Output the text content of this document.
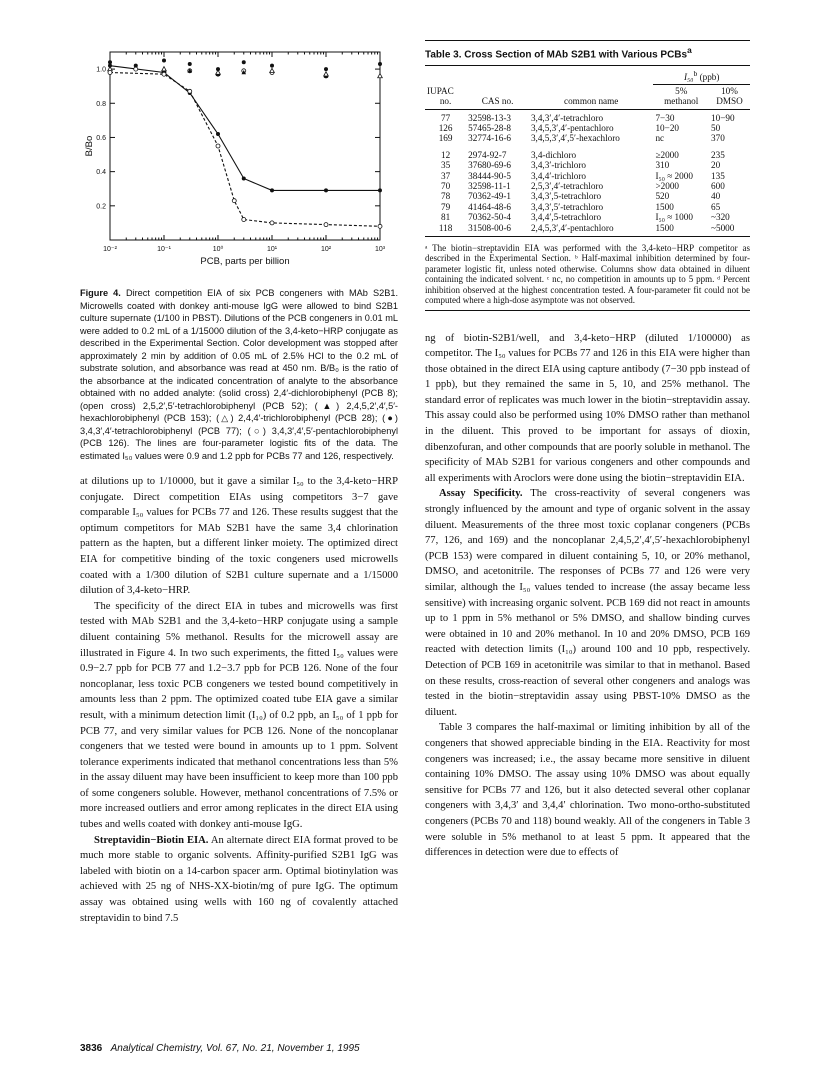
10⁻²	10⁻¹	10⁰	10¹	10²	10³
0.2
0.4
0.6
0.8
1.0
PCB, parts per billion
B/Bo
Figure 4. Direct competition EIA of six PCB congeners with MAb S2B1. Microwells coated with donkey anti-mouse IgG were allowed to bind S2B1 culture supernate (1/100 in PBST). Dilutions of the PCB congeners in 0.01 mL were added to 0.2 mL of a 1/15000 dilution of the 3,4-keto−HRP conjugate as described in the Experimental Section. Color development was stopped after approximately 2 min by addition of 0.05 mL of 2.5% HCl to the 0.2 mL of substrate solution, and absorbance was read at 450 nm. B/B₀ is the ratio of the absorbance at the indicated concentration of analyte to the absorbance obtained with no added analyte: (solid cross) 2,4′-dichlorobiphenyl (PCB 8); (open cross) 2,5,2′,5′-tetrachlorobiphenyl (PCB 52); (▲) 2,4,5,2′,4′,5′-hexachlorobiphenyl (PCB 153); (△) 2,4,4′-trichlorobiphenyl (PCB 28); (●) 3,4,3′,4′-tetrachlorobiphenyl (PCB 77); (○) 3,4,3′,4′,5′-pentachlorobiphenyl (PCB 126). The lines are four-parameter logistic fits of the data. The estimated I₅₀ values were 0.9 and 1.2 ppb for PCBs 77 and 126, respectively.

at dilutions up to 1/10000, but it gave a similar I₅₀ to the 3,4-keto−HRP conjugate. Direct competition EIAs using competitors 3−7 gave comparable I₅₀ values for PCBs 77 and 126. These results suggest that the optimum competitors for MAb S2B1 have the same 3,4 chlorination pattern as the hapten, but a different linker moiety. The optimized direct EIA for competitive binding of the toxic congeners used microwells coated with a 1/300 dilution of S2B1 culture supernate and a 1/15000 dilution of 3,4-keto−HRP.

The specificity of the direct EIA in tubes and microwells was first tested with MAb S2B1 and the 3,4-keto−HRP conjugate using a sample diluent containing 5% methanol. Results for the microwell assay are illustrated in Figure 4. In two such experiments, the fitted I₅₀ values were 0.9−2.7 ppb for PCB 77 and 1.2−3.7 ppb for PCB 126. None of the four noncoplanar, less toxic PCB congeners we tested bound competitively in amounts less than 2 ppm. The optimized coated tube EIA gave a similar result, with a minimum detection limit (I₁₀) of 0.2 ppb, an I₅₀ of 1 ppb for PCB 77, and very similar values for PCB 126. None of the noncoplanar congeners that we tested were bound in amounts up to 1 ppm. Solvent tolerance experiments indicated that methanol concentrations less than 5% in the assay diluent may have been insufficient to keep more than 100 ppb of some congeners soluble. However, methanol concentrations of 7.5% or more increased outliers and error among replicates in the direct EIA using tubes and wells coated with donkey anti-mouse IgG.

Streptavidin−Biotin EIA. An alternate direct EIA format proved to be much more stable to organic solvents. Affinity-purified S2B1 IgG was labeled with biotin on a 14-carbon spacer arm. Optimal biotinylation was achieved with 25 ng of NHS-XX-biotin/mg of pure IgG. The optimum assay was obtained using wells with 160 ng of covalently attached streptavidin to bind 7.5

Table 3. Cross Section of MAb S2B1 with Various PCBs$^a$

			I₅₀$^b$ (ppb)	

IUPAC			5%	10%
no.	CAS no.	common name	methanol	DMSO

77	32598-13-3	3,4,3′,4′-tetrachloro	7−30	10−90
126	57465-28-8	3,4,5,3′,4′-pentachloro	10−20	50
169	32774-16-6	3,4,5,3′,4′,5′-hexachloro	nc	370

12	2974-92-7	3,4-dichloro	≥2000	235
35	37680-69-6	3,4,3′-trichloro	310	20
37	38444-90-5	3,4,4′-trichloro	I₅₀ ≈ 2000	135
70	32598-11-1	2,5,3′,4′-tetrachloro	>2000	600
78	70362-49-1	3,4,3′,5-tetrachloro	520	40
79	41464-48-6	3,4,3′,5′-tetrachloro	1500	65
81	70362-50-4	3,4,4′,5-tetrachloro	I₅₀ ≈ 1000	~320
118	31508-00-6	2,4,5,3′,4′-pentachloro	1500	~5000

ᵃ The biotin−streptavidin EIA was performed with the 3,4-keto−HRP competitor as described in the Experimental Section. ᵇ Half-maximal inhibition determined by four-parameter logistic fit, unless noted otherwise. Columns show data obtained in diluent containing the indicated solvent. ᶜ nc, no competition in amounts up to 5 ppm. ᵈ Percent inhibition observed at the highest concentration tested. A four-parameter fit could not be computed where a high-dose asymptote was not observed.

ng of biotin-S2B1/well, and 3,4-keto−HRP (diluted 1/100000) as competitor. The I₅₀ values for PCBs 77 and 126 in this EIA were higher than those obtained in the direct EIA using capture antibody (7−30 ppb instead of 1 ppb), but they remained the same in 5, 10, and 25% methanol. The standard error of replicates was much lower in the biotin−streptavidin assay. This assay could also be performed using 10% DMSO rather than methanol in the diluent. This proved to be important for assays of dioxin, dibenzofuran, and other compounds that are poorly soluble in methanol. The specificity of MAb S2B1 for various congeners and other compounds and all experiments with Aroclors were done using the biotin−streptavidin EIA.

Assay Specificity. The cross-reactivity of several congeners was strongly influenced by the amount and type of organic solvent in the assay diluent. Measurements of the three most toxic coplanar congeners (PCBs 77, 126, and 169) and the noncoplanar 2,4,5,2′,4′,5′-hexachlorobiphenyl (PCB 153) were compared in diluent containing 5, 10, or 20% methanol, DMSO, and acetonitrile. The responses of PCBs 77 and 126 were very similar, although the I₅₀ values tended to increase (the assay became less sensitive) with increasing organic solvent. PCB 169 did not react in amounts up to 1 ppm in 5% methanol or 5% DMSO, and shallow binding curves were obtained in 10 and 20% methanol. In 10 and 20% DMSO, PCB 169 reacted with detection limits (I₁₀) around 100 and 10 ppb, respectively. Detection of PCB 169 in acetonitrile was similar to that in methanol. Based on these results, cross-reaction of several other congeners and analogs was tested in the biotin−streptavidin assay using PBST-10% DMSO as the diluent.

Table 3 compares the half-maximal or limiting inhibition by all of the congeners that showed appreciable binding in the EIA. Reactivity for most congeners was increased; i.e., the assay became more sensitive in diluent containing 10% DMSO. The assay using 10% DMSO was about equally sensitive for PCBs 77 and 126, but it also detected several other coplanar congeners with 3,4,3′ and 3,4,4′ chlorination. Two mono-ortho-substituted congeners (PCBs 70 and 118) bound weakly. All of the congeners in Table 3 were soluble in 5% methanol to at least 5 ppm. It appeared that the differences in detection were due to effects of

3836 Analytical Chemistry, Vol. 67, No. 21, November 1, 1995
